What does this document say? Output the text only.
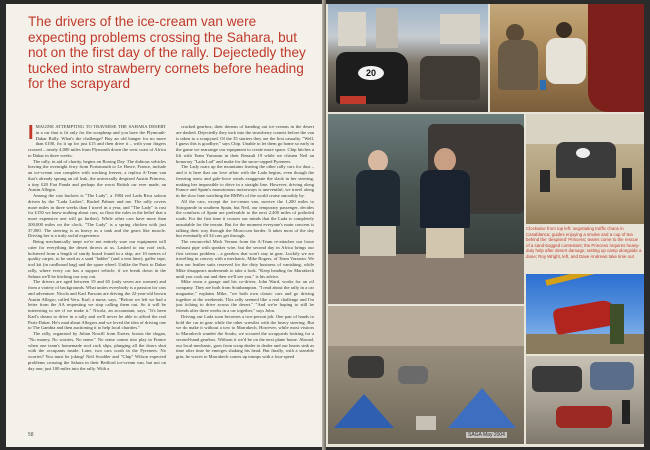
The drivers of the ice-cream van were expecting problems crossing the Sahara, but not on the first day of the rally. Dejectedly they tucked into strawberry cornets before heading for the scrapyard

IMAGINE ATTEMPTING TO TRAVERSE THE SAHARA DESERT in a car that is fit only for the scrapheap and you have the Plymouth-Dakar Rally. What's the challenge? Buy an old banger for no more than £100, fix it up for just £15 and then drive it – with your fingers crossed – nearly 4,000 miles from Plymouth down the west coast of Africa to Dakar in three weeks.

The rally, in aid of charity, begins on Boxing Day. The dubious vehicles leaving the overnight ferry from Portsmouth to Le Havre, France, include an ice-cream van complete with working freezer, a replica A-Team van that's already sprung an oil leak, the universally despised Austin Princess, a tiny £20 Fiat Panda and perhaps the worst British car ever made, an Austin Allegro.

Among the rust buckets is "The Lady", a 1984 red Lada Riva saloon driven by the "Lada Ladies", Rachel Palmer and me. The rally covers more miles in three weeks than I travel in a year, and "The Lady" is rust for £150 we knew nothing about cars, so flout the rules in the belief that a more expensive one will go further). While other cars have more than 200,000 miles on the clock, "The Lady" is a spring chicken with just 37,000. The steering is as heavy as a tank and the gears like muscle. Driving her is a truly awful experience.

Being mechanically inept we're not entirely sure our equipment will cater for everything the desert throws at us. Lashed to our roof rack, holstered from a length of sturdy board found in a skip, are 10 metres of quality carpet, to be used as a sand "ladder" (and a tent liner), gaffer tape, tool kit (in cardboard bag) and the spare wheel. Unlike the Paris to Dakar rally, where every car has a support vehicle, if we break down in the Sahara we'll be hitching our way out.

The drivers are aged between 19 and 65 (only seven are women) and from a variety of backgrounds. What unites everybody is a passion for cars and adventure. Nicola and Karl Parsons are driving the 22-year-old brown Austin Allegro, called Vera. Karl, a nurse, says, "Before we left we had a letter from the AA requesting we stop calling them out. So it will be interesting to see if we make it." Nicola, an accountant, says, "It's been Karl's dream to drive in a rally and we'll never be able to afford the real Paris-Dakar. He's mad about Allegros and we loved the idea of driving one to The Gambia and then auctioning it to help local charities."

The rally, organised by Julian Nowill from Exeter, boasts the slogan, "No money, No worries, No sense." No sense comes into play in France when one team's homemade roof rack slips, plunging all the doors shut with the occupants inside. Later, two cars crash in the Pyrenees. No worries? You must be joking! Neil Scudder and "Chip" Wilson expected problems crossing the Sahara in their Bedford ice-cream van, but not on day one, just 100 miles into the rally. With a

cracked gearbox, their dreams of handing out ice-creams in the desert are dashed. Dejectedly they tuck into the strawberry cornets before the van is taken to a scrapyard. Of the 35 starters they are the first casualty. "Well, I guess this is goodbye," says Chip. Unable to let them go home so early in the game we rearrange our equipment to create more space. Chip hitches a lift with Team Yarrazan in their Renault 19 while we chisten Neil an honorary "Lada Lad" and make for the snow-capped Pyrenees.

The Lady roars up the mountains leaving the other rally cars for dust – and it is here that our love affair with the Lada begins, even though the freezing snow and gale-force winds exaggerate the slack in her steering, making her impossible to drive in a straight line. However, driving along France and Spain's monotonous motorways is uneventful; we travel along in the slow lane watching the BMWs of the world cruise smoothly by.

All the cars, except the ice-cream van, survive the 1,200 miles to Sotogrande in southern Spain, but Neil, our temporary passenger, decides the comforts of Spain are preferable to the next 2,400 miles of potholed roads. For the first time it crosses our minds that the Lada is completely unsuitable for the terrain. But for the moment everyone's main concern is talking their way through the Moroccan border. It takes most of the day but eventually all 34 cars get through.

The resourceful Mick Vernon from the A-Team re-attaches our loose exhaust pipe with speaker wire, but the second day in Africa brings our first serious problem – a gearbox that won't stay in gear. Luckily we are travelling in convoy with a mechanic, Mike Rogers, of Team Varzarin. We don our leather suits reserved for the dirty business of vanishing, while Mike disappears underneath to take a look. "Keep heading for Marrakech until you cook out and then we'll see you," is his advice.

Mike owns a garage and his co-driver, John Ward, works for an oil company. They are both from Southampton. "I read about the rally in a car magazine," explains Mike, "we both own classic cars and go driving together at the weekends. This rally seemed like a real challenge and I'm just itching to drive across the desert." "And we're hoping to still be friends after three weeks in a car together," says John.

Driving our Lada soon becomes a two-person job. One pair of hands to hold the car in gear while the other wrestles with the heavy steering. But we do make it without a tow to Marrakech. However, while most visitors to Marrakech wander the Souks, we scoured the scrapyards looking for a second-hand gearbox. Without it we'd be on the next plane home. Abroad, our local mechanic, goes from scrap dealer to dealer and our hearts sink as time after time he emerges shaking his head. But finally, with a sizeable grin, he waves to Marrakech comes up trumps with a four-speed

58
20
Clockwise from top left: negotiating traffic chaos in Casablanca; guides enjoying a smoke and a cup of tea behind the 'despised' Princess; teams come to the rescue of a sand-bogged contestant; the Princess requires heavy-duty help after desert damage; setting up camp alongside a dune; Roy Wright, left, and Dave Andrews take time out
SAGA May 2004
